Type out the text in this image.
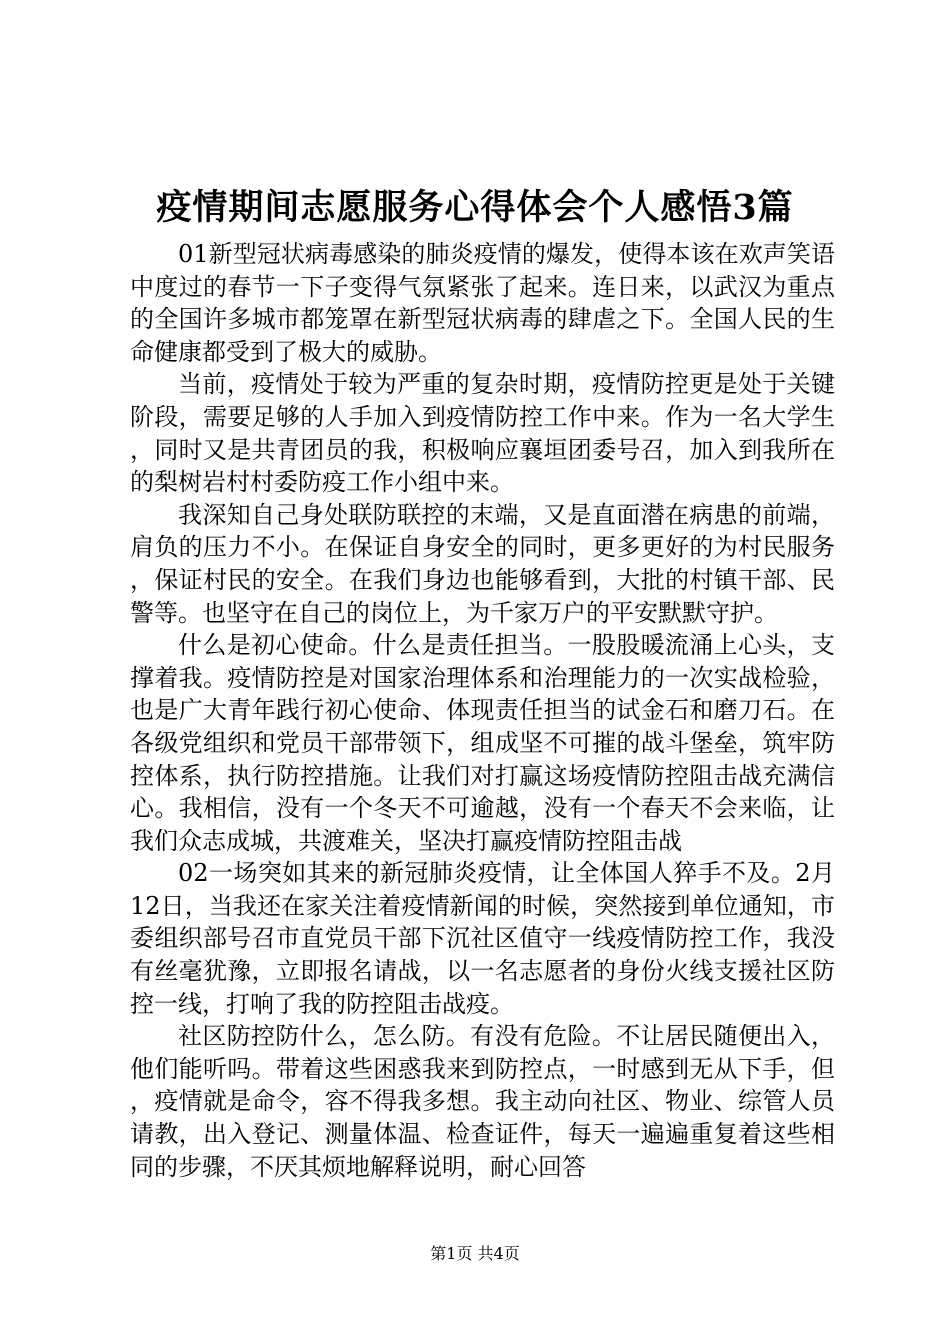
疫情期间志愿服务心得体会个人感悟3篇

01新型冠状病毒感染的肺炎疫情的爆发，使得本该在欢声笑语中度过的春节一下子变得气氛紧张了起来。连日来，以武汉为重点的全国许多城市都笼罩在新型冠状病毒的肆虐之下。全国人民的生命健康都受到了极大的威胁。

当前，疫情处于较为严重的复杂时期，疫情防控更是处于关键阶段，需要足够的人手加入到疫情防控工作中来。作为一名大学生，同时又是共青团员的我，积极响应襄垣团委号召，加入到我所在的梨树岩村村委防疫工作小组中来。

我深知自己身处联防联控的末端，又是直面潜在病患的前端，肩负的压力不小。在保证自身安全的同时，更多更好的为村民服务，保证村民的安全。在我们身边也能够看到，大批的村镇干部、民警等。也坚守在自己的岗位上，为千家万户的平安默默守护。

什么是初心使命。什么是责任担当。一股股暖流涌上心头，支撑着我。疫情防控是对国家治理体系和治理能力的一次实战检验，也是广大青年践行初心使命、体现责任担当的试金石和磨刀石。在各级党组织和党员干部带领下，组成坚不可摧的战斗堡垒，筑牢防控体系，执行防控措施。让我们对打赢这场疫情防控阻击战充满信心。我相信，没有一个冬天不可逾越，没有一个春天不会来临，让我们众志成城，共渡难关，坚决打赢疫情防控阻击战

02一场突如其来的新冠肺炎疫情，让全体国人猝手不及。2月12日，当我还在家关注着疫情新闻的时候，突然接到单位通知，市委组织部号召市直党员干部下沉社区值守一线疫情防控工作，我没有丝毫犹豫，立即报名请战，以一名志愿者的身份火线支援社区防控一线，打响了我的防控阻击战疫。

社区防控防什么，怎么防。有没有危险。不让居民随便出入，他们能听吗。带着这些困惑我来到防控点，一时感到无从下手，但，疫情就是命令，容不得我多想。我主动向社区、物业、综管人员请教，出入登记、测量体温、检查证件，每天一遍遍重复着这些相同的步骤，不厌其烦地解释说明，耐心回答

第1页 共4页
